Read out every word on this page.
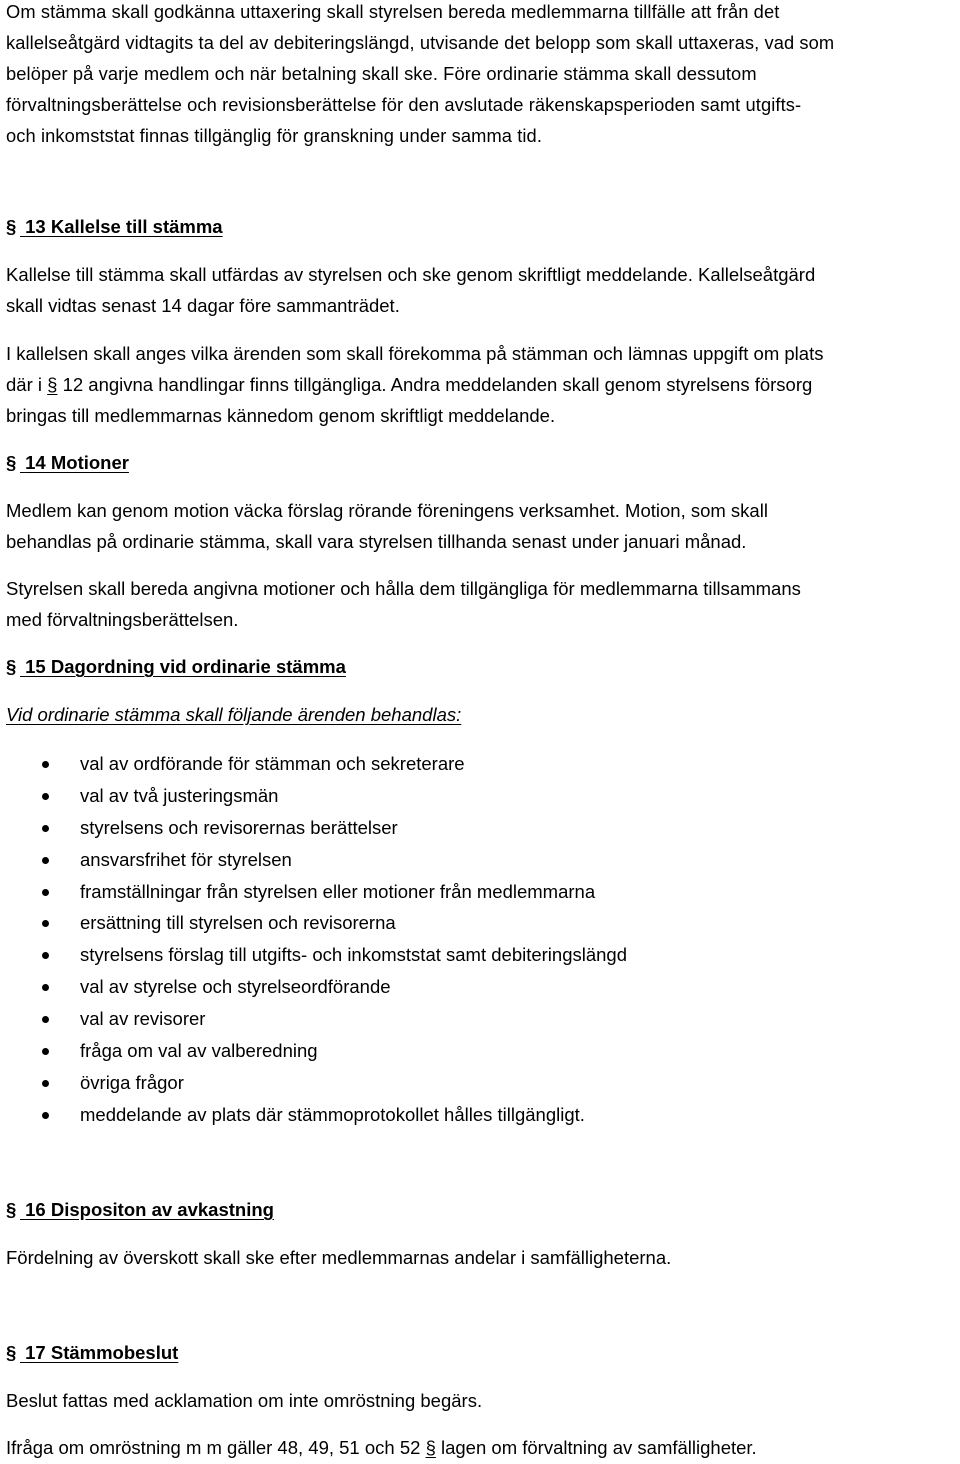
Om stämma skall godkänna uttaxering skall styrelsen bereda medlemmarna tillfälle att från det
kallelseåtgärd vidtagits ta del av debiteringslängd, utvisande det belopp som skall uttaxeras, vad som
belöper på varje medlem och när betalning skall ske. Före ordinarie stämma skall dessutom
förvaltningsberättelse och revisionsberättelse för den avslutade räkenskapsperioden samt utgifts-
och inkomststat finnas tillgänglig för granskning under samma tid.

§ 13 Kallelse till stämma

Kallelse till stämma skall utfärdas av styrelsen och ske genom skriftligt meddelande. Kallelseåtgärd
skall vidtas senast 14 dagar före sammanträdet.

I kallelsen skall anges vilka ärenden som skall förekomma på stämman och lämnas uppgift om plats
där i § 12 angivna handlingar finns tillgängliga. Andra meddelanden skall genom styrelsens försorg
bringas till medlemmarnas kännedom genom skriftligt meddelande.

§ 14 Motioner

Medlem kan genom motion väcka förslag rörande föreningens verksamhet. Motion, som skall
behandlas på ordinarie stämma, skall vara styrelsen tillhanda senast under januari månad.

Styrelsen skall bereda angivna motioner och hålla dem tillgängliga för medlemmarna tillsammans
med förvaltningsberättelsen.

§ 15 Dagordning vid ordinarie stämma

Vid ordinarie stämma skall följande ärenden behandlas:

val av ordförande för stämman och sekreterare
val av två justeringsmän
styrelsens och revisorernas berättelser
ansvarsfrihet för styrelsen
framställningar från styrelsen eller motioner från medlemmarna
ersättning till styrelsen och revisorerna
styrelsens förslag till utgifts- och inkomststat samt debiteringslängd
val av styrelse och styrelseordförande
val av revisorer
fråga om val av valberedning
övriga frågor
meddelande av plats där stämmoprotokollet hålles tillgängligt.
§ 16 Dispositon av avkastning

Fördelning av överskott skall ske efter medlemmarnas andelar i samfälligheterna.

§ 17 Stämmobeslut

Beslut fattas med acklamation om inte omröstning begärs.

Ifråga om omröstning m m gäller 48, 49, 51 och 52 § lagen om förvaltning av samfälligheter.
